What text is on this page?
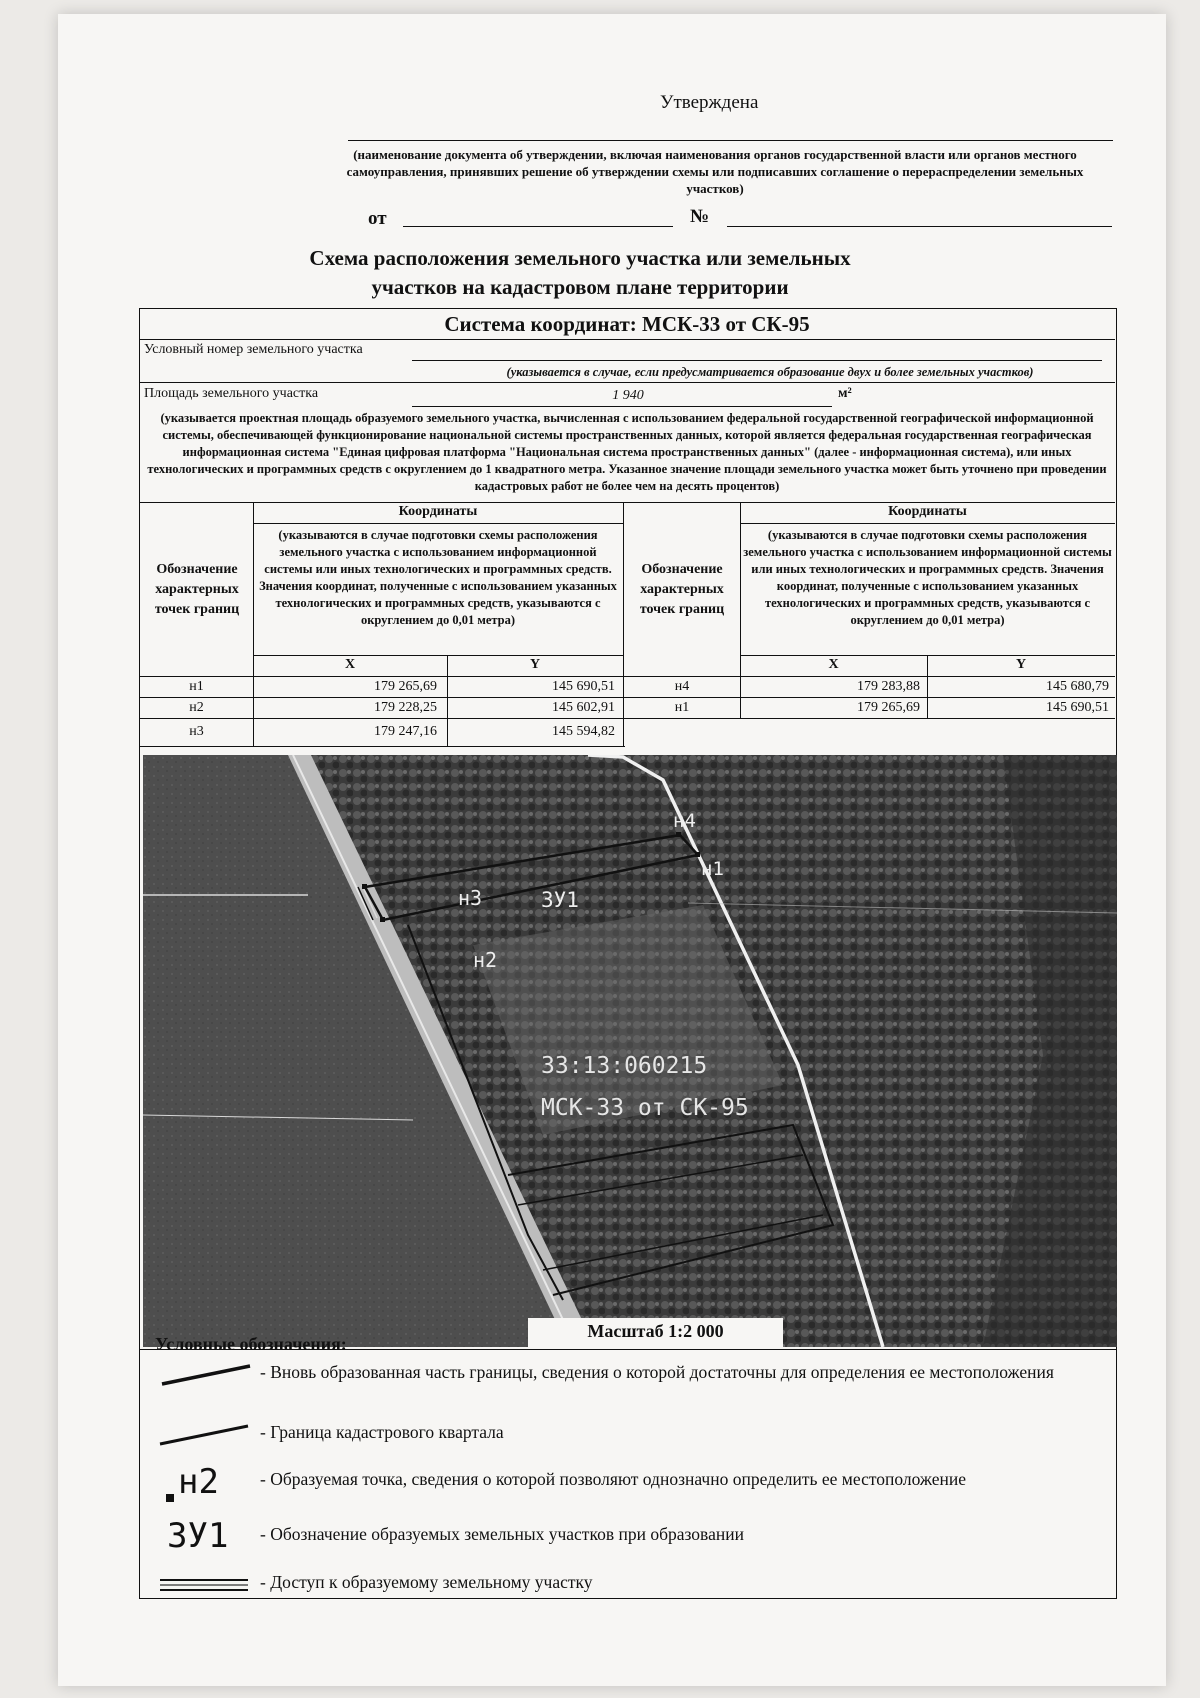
Утверждена
(наименование документа об утверждении, включая наименования органов государственной власти или органов местного самоуправления, принявших решение об утверждении схемы или подписавших соглашение о перераспределении земельных участков)
от	№
Схема расположения земельного участка или земельных
участков на кадастровом плане территории
Система координат: МСК-33 от СК-95
Условный номер земельного участка
(указывается в случае, если предусматривается образование двух и более земельных участков)
Площадь земельного участка	1 940	м²
(указывается проектная площадь образуемого земельного участка, вычисленная с использованием федеральной государственной географической информационной системы, обеспечивающей функционирование национальной системы пространственных данных, которой является федеральная государственная географическая информационная система "Единая цифровая платформа "Национальная система пространственных данных" (далее - информационная система), или иных технологических и программных средств с округлением до 1 квадратного метра. Указанное значение площади земельного участка может быть уточнено при проведении кадастровых работ не более чем на десять процентов)
Обозначение характерных точек границ
Координаты
(указываются в случае подготовки схемы расположения земельного участка с использованием информационной системы или иных технологических и программных средств. Значения координат, полученные с использованием указанных технологических и программных средств, указываются с округлением до 0,01 метра)
X	Y
Обозначение характерных точек границ
Координаты
(указываются в случае подготовки схемы расположения земельного участка с использованием информационной системы или иных технологических и программных средств. Значения координат, полученные с использованием указанных технологических и программных средств, указываются с округлением до 0,01 метра)
X	Y
н1	179 265,69	145 690,51
н2	179 228,25	145 602,91
н3	179 247,16	145 594,82
н4	179 283,88	145 680,79
н1	179 265,69	145 690,51
н4
н1
ЗУ1
н3
н2
33:13:060215
МСК-33 от СК-95
Масштаб 1:2 000
Условные обозначения:
- Вновь образованная часть границы, сведения о которой достаточны для определения ее местоположения
- Граница кадастрового квартала
н2 - Образуемая точка, сведения о которой позволяют однозначно определить ее местоположение
ЗУ1 - Обозначение образуемых земельных участков при образовании
- Доступ к образуемому земельному участку
